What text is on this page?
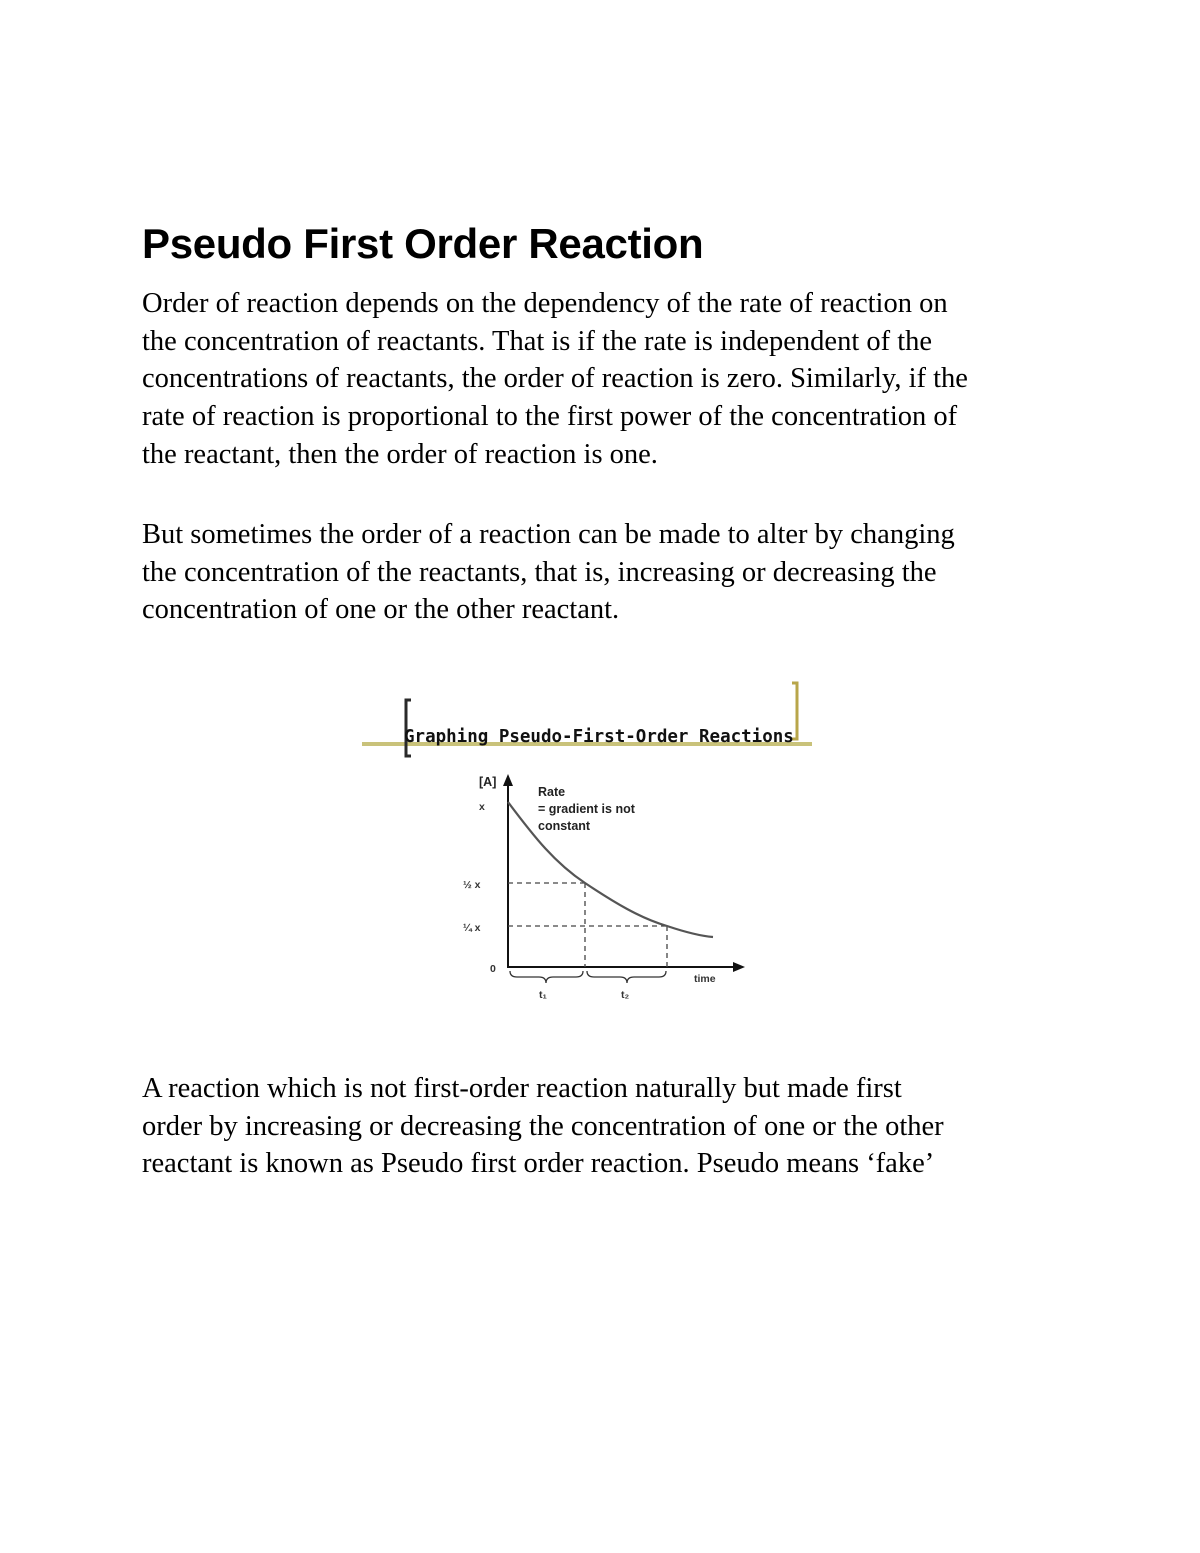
Pseudo First Order Reaction

Order of reaction depends on the dependency of the rate of reaction on
the concentration of reactants. That is if the rate is independent of the
concentrations of reactants, the order of reaction is zero. Similarly, if the
rate of reaction is proportional to the first power of the concentration of
the reactant, then the order of reaction is one.

But sometimes the order of a reaction can be made to alter by changing
the concentration of the reactants, that is, increasing or decreasing the
concentration of one or the other reactant.

Graphing Pseudo-First-Order Reactions
[A]
x
½ x
¼ x
0
Rate
= gradient is not
constant
time
t₁	t₂

A reaction which is not first-order reaction naturally but made first
order by increasing or decreasing the concentration of one or the other
reactant is known as Pseudo first order reaction. Pseudo means ‘fake’
